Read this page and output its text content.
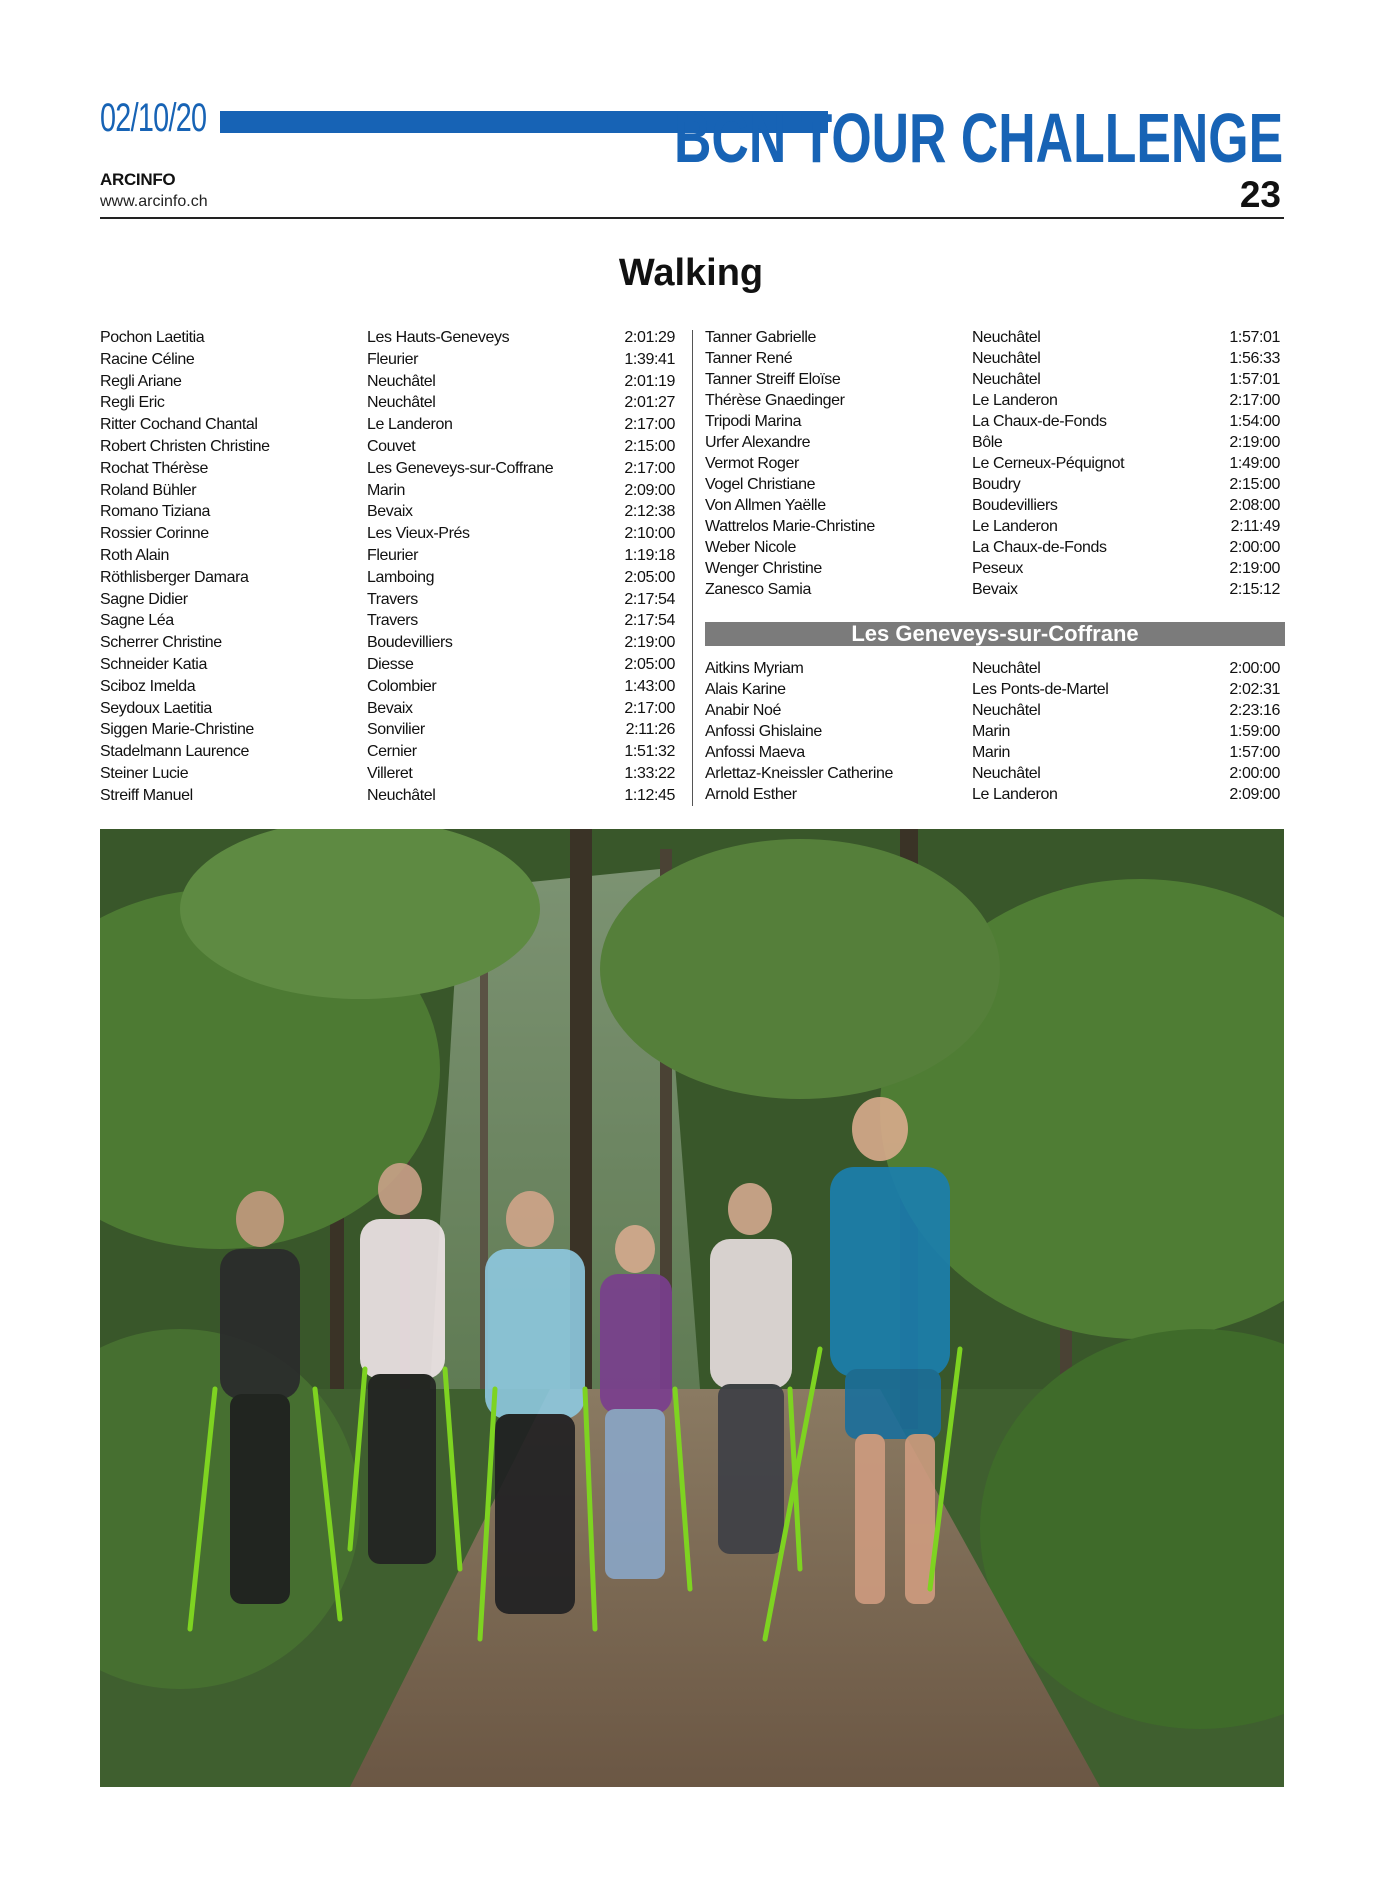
02/10/20	BCN TOUR CHALLENGE
ARCINFO
www.arcinfo.ch	23
Walking
Pochon Laetitia	Les Hauts-Geneveys	2:01:29
Racine Céline	Fleurier	1:39:41
Regli Ariane	Neuchâtel	2:01:19
Regli Eric	Neuchâtel	2:01:27
Ritter Cochand Chantal	Le Landeron	2:17:00
Robert Christen Christine	Couvet	2:15:00
Rochat Thérèse	Les Geneveys-sur-Coffrane	2:17:00
Roland Bühler	Marin	2:09:00
Romano Tiziana	Bevaix	2:12:38
Rossier Corinne	Les Vieux-Prés	2:10:00
Roth Alain	Fleurier	1:19:18
Röthlisberger Damara	Lamboing	2:05:00
Sagne Didier	Travers	2:17:54
Sagne Léa	Travers	2:17:54
Scherrer Christine	Boudevilliers	2:19:00
Schneider Katia	Diesse	2:05:00
Sciboz Imelda	Colombier	1:43:00
Seydoux Laetitia	Bevaix	2:17:00
Siggen Marie-Christine	Sonvilier	2:11:26
Stadelmann Laurence	Cernier	1:51:32
Steiner Lucie	Villeret	1:33:22
Streiff Manuel	Neuchâtel	1:12:45
Tanner Gabrielle	Neuchâtel	1:57:01
Tanner René	Neuchâtel	1:56:33
Tanner Streiff Eloïse	Neuchâtel	1:57:01
Thérèse Gnaedinger	Le Landeron	2:17:00
Tripodi Marina	La Chaux-de-Fonds	1:54:00
Urfer Alexandre	Bôle	2:19:00
Vermot Roger	Le Cerneux-Péquignot	1:49:00
Vogel Christiane	Boudry	2:15:00
Von Allmen Yaëlle	Boudevilliers	2:08:00
Wattrelos Marie-Christine	Le Landeron	2:11:49
Weber Nicole	La Chaux-de-Fonds	2:00:00
Wenger Christine	Peseux	2:19:00
Zanesco Samia	Bevaix	2:15:12
Les Geneveys-sur-Coffrane
Aitkins Myriam	Neuchâtel	2:00:00
Alais Karine	Les Ponts-de-Martel	2:02:31
Anabir Noé	Neuchâtel	2:23:16
Anfossi Ghislaine	Marin	1:59:00
Anfossi Maeva	Marin	1:57:00
Arlettaz-Kneissler Catherine	Neuchâtel	2:00:00
Arnold Esther	Le Landeron	2:09:00
